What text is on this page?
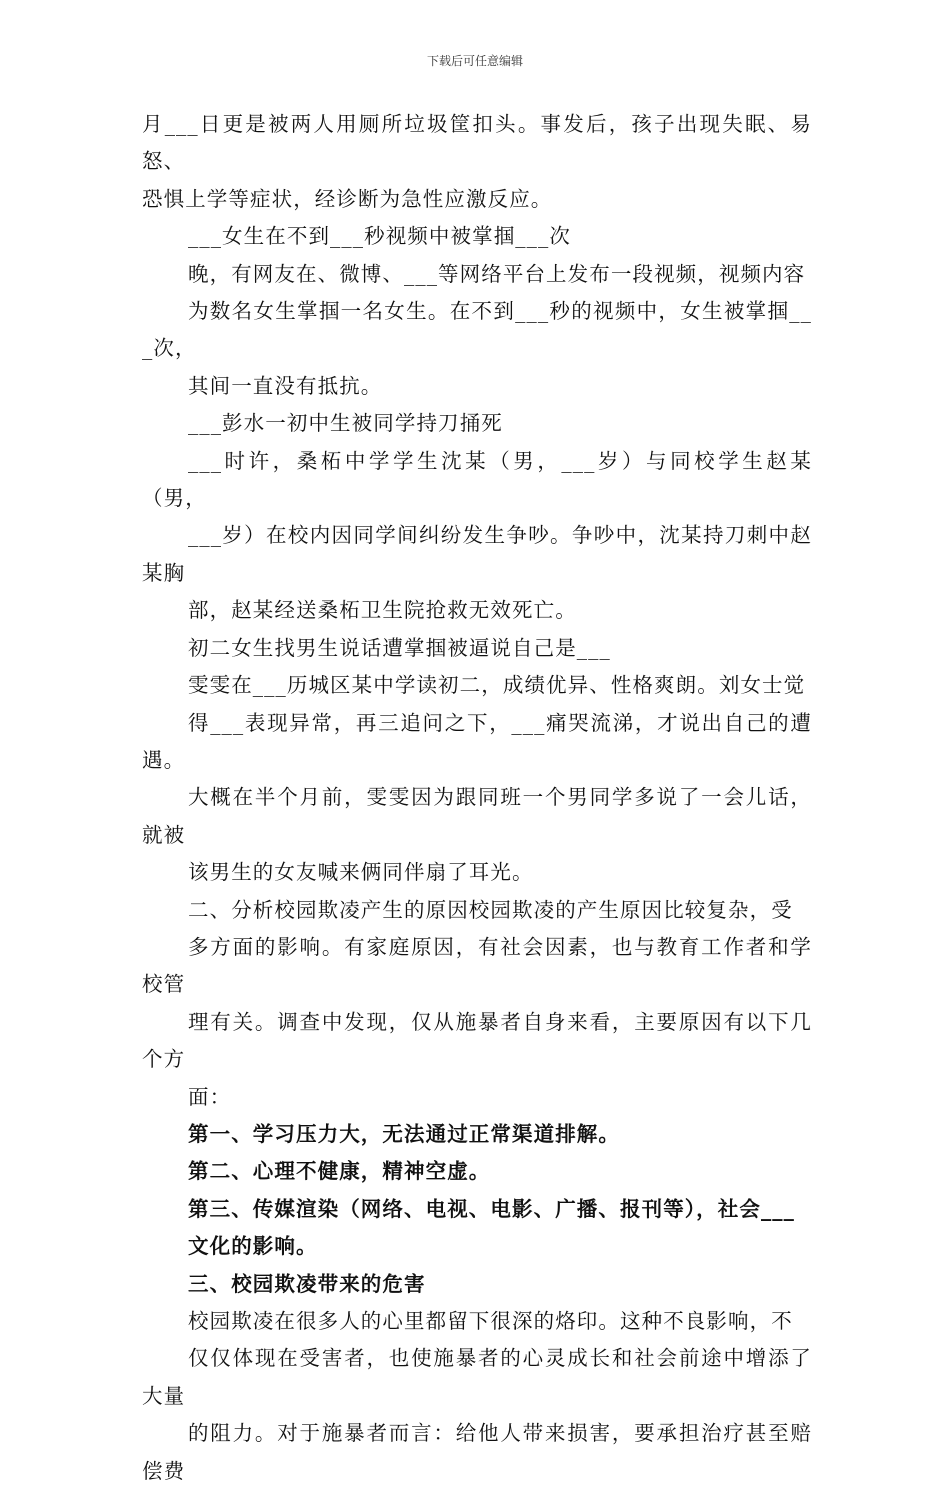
下载后可任意编辑

月___日更是被两人用厕所垃圾筐扣头。事发后，孩子出现失眠、易怒、
恐惧上学等症状，经诊断为急性应激反应。

___女生在不到___秒视频中被掌掴___次

晚，有网友在、微博、___等网络平台上发布一段视频，视频内容
为数名女生掌掴一名女生。在不到___秒的视频中，女生被掌掴___次，
其间一直没有抵抗。

___彭水一初中生被同学持刀捅死

___时许，桑柘中学学生沈某（男，___岁）与同校学生赵某（男，
___岁）在校内因同学间纠纷发生争吵。争吵中，沈某持刀刺中赵某胸
部，赵某经送桑柘卫生院抢救无效死亡。

初二女生找男生说话遭掌掴被逼说自己是___

雯雯在___历城区某中学读初二，成绩优异、性格爽朗。刘女士觉
得___表现异常，再三追问之下，___痛哭流涕，才说出自己的遭遇。
大概在半个月前，雯雯因为跟同班一个男同学多说了一会儿话，就被
该男生的女友喊来俩同伴扇了耳光。

二、分析校园欺凌产生的原因校园欺凌的产生原因比较复杂，受
多方面的影响。有家庭原因，有社会因素，也与教育工作者和学校管
理有关。调查中发现，仅从施暴者自身来看，主要原因有以下几个方
面：

第一、学习压力大，无法通过正常渠道排解。

第二、心理不健康，精神空虚。

第三、传媒渲染（网络、电视、电影、广播、报刊等），社会___
文化的影响。

三、校园欺凌带来的危害

校园欺凌在很多人的心里都留下很深的烙印。这种不良影响，不
仅仅体现在受害者，也使施暴者的心灵成长和社会前途中增添了大量
的阻力。对于施暴者而言：给他人带来损害，要承担治疗甚至赔偿费
